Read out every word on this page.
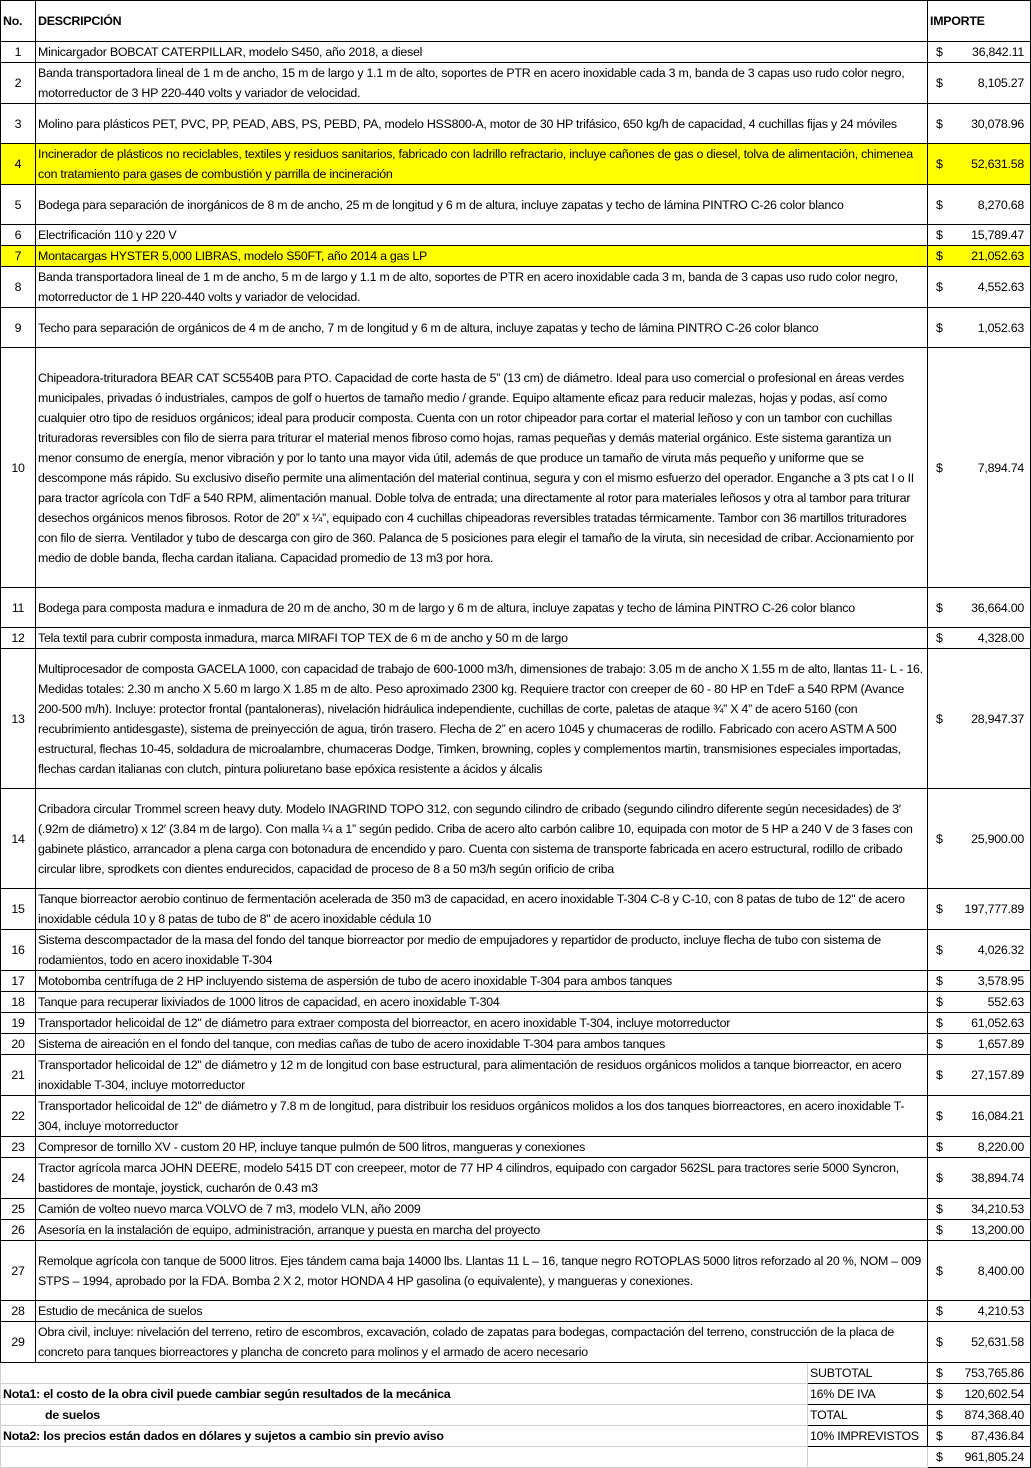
No.	DESCRIPCIÓN		IMPORTE
1	Minicargador BOBCAT CATERPILLAR, modelo S450, año 2018, a diesel		$ 36,842.11

2	Banda transportadora lineal de 1 m de ancho, 15 m de largo y 1.1 m de alto, soportes de PTR en acero inoxidable cada 3 m, banda de 3 capas uso rudo color negro, motorreductor de 3 HP 220-440 volts y variador de velocidad.		$ 8,105.27

3	Molino para plásticos PET, PVC, PP, PEAD, ABS, PS, PEBD, PA, modelo HSS800-A, motor de 30 HP trifásico, 650 kg/h de capacidad, 4 cuchillas fijas y 24 móviles		$ 30,078.96

4	Incinerador de plásticos no reciclables, textiles y residuos sanitarios, fabricado con ladrillo refractario, incluye cañones de gas o diesel, tolva de alimentación, chimenea con tratamiento para gases de combustión y parrilla de incineración		$ 52,631.58

5	Bodega para separación de inorgánicos de 8 m de ancho, 25 m de longitud y 6 m de altura, incluye zapatas y techo de lámina PINTRO C-26 color blanco		$ 8,270.68

6	Electrificación 110 y 220 V		$ 15,789.47

7	Montacargas HYSTER 5,000 LIBRAS, modelo S50FT, año 2014 a gas LP		$ 21,052.63

8	Banda transportadora lineal de 1 m de ancho, 5 m de largo y 1.1 m de alto, soportes de PTR en acero inoxidable cada 3 m, banda de 3 capas uso rudo color negro, motorreductor de 1 HP 220-440 volts y variador de velocidad.		$ 4,552.63

9	Techo para separación de orgánicos de 4 m de ancho, 7 m de longitud y 6 m de altura, incluye zapatas y techo de lámina PINTRO C-26 color blanco		$ 1,052.63

10	Chipeadora-trituradora BEAR CAT SC5540B para PTO. Capacidad de corte hasta de 5” (13 cm) de diámetro. Ideal para uso comercial o profesional en áreas verdes municipales, privadas ó industriales, campos de golf o huertos de tamaño medio / grande. Equipo altamente eficaz para reducir malezas, hojas y podas, así como cualquier otro tipo de residuos orgánicos; ideal para producir composta. Cuenta con un rotor chipeador para cortar el material leñoso y con un tambor con cuchillas trituradoras reversibles con filo de sierra para triturar el material menos fibroso como hojas, ramas pequeñas y demás material orgánico. Este sistema garantiza un menor consumo de energía, menor vibración y por lo tanto una mayor vida útil, además de que produce un tamaño de viruta más pequeño y uniforme que se descompone más rápido. Su exclusivo diseño permite una alimentación del material continua, segura y con el mismo esfuerzo del operador. Enganche a 3 pts cat I o II para tractor agrícola con TdF a 540 RPM, alimentación manual. Doble tolva de entrada; una directamente al rotor para materiales leñosos y otra al tambor para triturar desechos orgánicos menos fibrosos. Rotor de 20” x ¼”, equipado con 4 cuchillas chipeadoras reversibles tratadas térmicamente. Tambor con 36 martillos trituradores con filo de sierra. Ventilador y tubo de descarga con giro de 360. Palanca de 5 posiciones para elegir el tamaño de la viruta, sin necesidad de cribar. Accionamiento por medio de doble banda, flecha cardan italiana. Capacidad promedio de 13 m3 por hora.		$ 7,894.74

11	Bodega para composta madura e inmadura de 20 m de ancho, 30 m de largo y 6 m de altura, incluye zapatas y techo de lámina PINTRO C-26 color blanco		$ 36,664.00

12	Tela textil para cubrir composta inmadura, marca MIRAFI TOP TEX de 6 m de ancho y 50 m de largo		$ 4,328.00

13	Multiprocesador de composta GACELA 1000, con capacidad de trabajo de 600-1000 m3/h, dimensiones de trabajo: 3.05 m de ancho X 1.55 m de alto, llantas 11- L - 16. Medidas totales: 2.30 m ancho X 5.60 m largo X 1.85 m de alto. Peso aproximado 2300 kg. Requiere tractor con creeper de 60 - 80 HP en TdeF a 540 RPM (Avance 200-500 m/h). Incluye: protector frontal (pantaloneras), nivelación hidráulica independiente, cuchillas de corte, paletas de ataque ¾” X 4” de acero 5160 (con recubrimiento antidesgaste), sistema de preinyección de agua, tirón trasero. Flecha de 2” en acero 1045 y chumaceras de rodillo. Fabricado con acero ASTM A 500 estructural, flechas 10-45, soldadura de microalambre, chumaceras Dodge, Timken, browning, coples y complementos martin, transmisiones especiales importadas, flechas cardan italianas con clutch, pintura poliuretano base epóxica resistente a ácidos y álcalis		$ 28,947.37

14	Cribadora circular Trommel screen heavy duty. Modelo INAGRIND TOPO 312, con segundo cilindro de cribado (segundo cilindro diferente según necesidades) de 3′ (.92m de diámetro) x 12′ (3.84 m de largo). Con malla ¼ a 1” según pedido. Criba de acero alto carbón calibre 10, equipada con motor de 5 HP a 240 V de 3 fases con gabinete plástico, arrancador a plena carga con botonadura de encendido y paro. Cuenta con sistema de transporte fabricada en acero estructural, rodillo de cribado circular libre, sprodkets con dientes endurecidos, capacidad de proceso de 8 a 50 m3/h según orificio de criba		$ 25,900.00

15	Tanque biorreactor aerobio continuo de fermentación acelerada de 350 m3 de capacidad, en acero inoxidable T-304 C-8 y C-10, con 8 patas de tubo de 12" de acero inoxidable cédula 10 y 8 patas de tubo de 8" de acero inoxidable cédula 10		$ 197,777.89

16	Sistema descompactador de la masa del fondo del tanque biorreactor por medio de empujadores y repartidor de producto, incluye flecha de tubo con sistema de rodamientos, todo en acero inoxidable T-304		$ 4,026.32

17	Motobomba centrífuga de 2 HP incluyendo sistema de aspersión de tubo de acero inoxidable T-304 para ambos tanques		$ 3,578.95

18	Tanque para recuperar lixiviados de 1000 litros de capacidad, en acero inoxidable T-304		$ 552.63

19	Transportador helicoidal de 12" de diámetro para extraer composta del biorreactor, en acero inoxidable T-304, incluye motorreductor		$ 61,052.63

20	Sistema de aireación en el fondo del tanque, con medias cañas de tubo de acero inoxidable T-304 para ambos tanques		$ 1,657.89

21	Transportador helicoidal de 12" de diámetro y 12 m de longitud con base estructural, para alimentación de residuos orgánicos molidos a tanque biorreactor, en acero inoxidable T-304, incluye motorreductor		$ 27,157.89

22	Transportador helicoidal de 12" de diámetro y 7.8 m de longitud, para distribuir los residuos orgánicos molidos a los dos tanques biorreactores, en acero inoxidable T-304, incluye motorreductor		$ 16,084.21

23	Compresor de tornillo XV - custom 20 HP, incluye tanque pulmón de 500 litros, mangueras y conexiones		$ 8,220.00

24	Tractor agrícola marca JOHN DEERE, modelo 5415 DT con creepeer, motor de 77 HP 4 cilindros, equipado con cargador 562SL para tractores serie 5000 Syncron, bastidores de montaje, joystick, cucharón de 0.43 m3		$ 38,894.74

25	Camión de volteo nuevo marca VOLVO de 7 m3, modelo VLN, año 2009		$ 34,210.53

26	Asesoría en la instalación de equipo, administración, arranque y puesta en marcha del proyecto		$ 13,200.00

27	Remolque agrícola con tanque de 5000 litros. Ejes tándem cama baja 14000 lbs. Llantas 11 L – 16, tanque negro ROTOPLAS 5000 litros reforzado al 20 %, NOM – 009 STPS – 1994, aprobado por la FDA. Bomba 2 X 2, motor HONDA 4 HP gasolina (o equivalente), y mangueras y conexiones.		$ 8,400.00

28	Estudio de mecánica de suelos		$ 4,210.53

29	Obra civil, incluye: nivelación del terreno, retiro de escombros, excavación, colado de zapatas para bodegas, compactación del terreno, construcción de la placa de concreto para tanques biorreactores y plancha de concreto para molinos y el armado de acero necesario		$ 52,631.58

		SUBTOTAL	$ 753,765.86

Nota1: el costo de la obra civil puede cambiar según resultados de la mecánica		16% DE IVA	$ 120,602.54

de suelos		TOTAL	$ 874,368.40

Nota2: los precios están dados en dólares y sujetos a cambio sin previo aviso		10% IMPREVISTOS	$ 87,436.84

			$ 961,805.24
